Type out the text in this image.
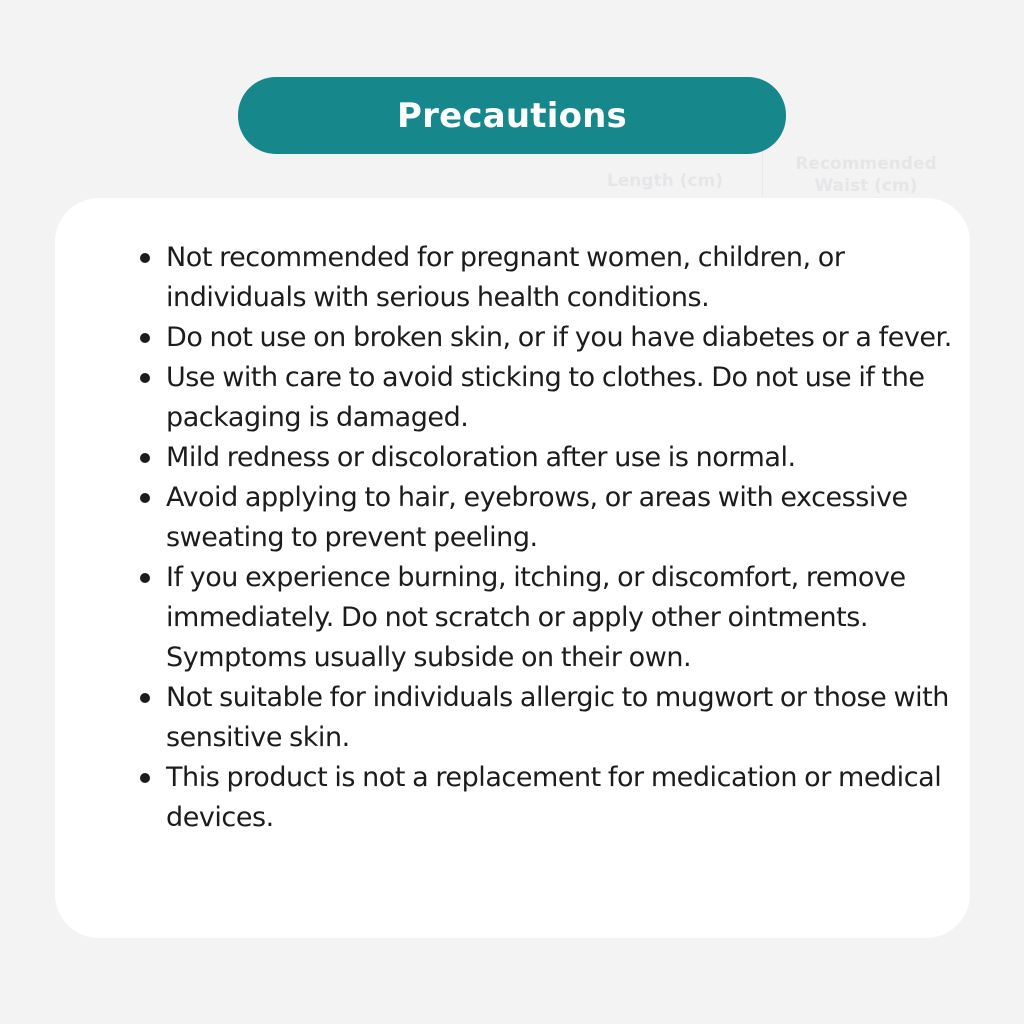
Length (cm)
Recommended Waist (cm)
Precautions
Not recommended for pregnant women, children, or individuals with serious health conditions.
Do not use on broken skin, or if you have diabetes or a fever.
Use with care to avoid sticking to clothes. Do not use if the packaging is damaged.
Mild redness or discoloration after use is normal.
Avoid applying to hair, eyebrows, or areas with excessive sweating to prevent peeling.
If you experience burning, itching, or discomfort, remove immediately. Do not scratch or apply other ointments. Symptoms usually subside on their own.
Not suitable for individuals allergic to mugwort or those with sensitive skin.
This product is not a replacement for medication or medical devices.
